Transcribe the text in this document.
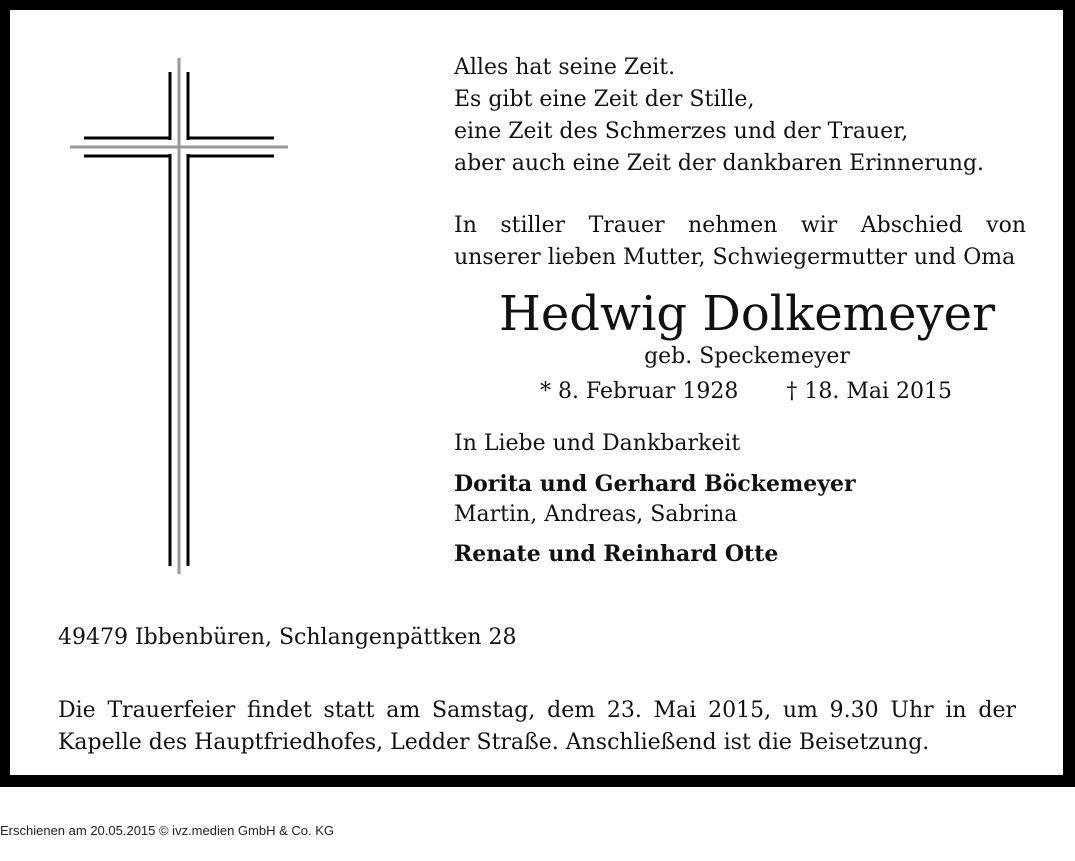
Alles hat seine Zeit.

Es gibt eine Zeit der Stille,

eine Zeit des Schmerzes und der Trauer,

aber auch eine Zeit der dankbaren Erinnerung.

In stiller Trauer nehmen wir Abschied von

unserer lieben Mutter, Schwiegermutter und Oma

Hedwig Dolkemeyer
geb. Speckemeyer
* 8. Februar 1928 † 18. Mai 2015
In Liebe und Dankbarkeit
Dorita und Gerhard Böckemeyer
Martin, Andreas, Sabrina
Renate und Reinhard Otte
49479 Ibbenbüren, Schlangenpättken 28
Die Trauerfeier findet statt am Samstag, dem 23. Mai 2015, um 9.30 Uhr in der
Kapelle des Hauptfriedhofes, Ledder Straße. Anschließend ist die Beisetzung.
Erschienen am 20.05.2015 © ivz.medien GmbH & Co. KG
